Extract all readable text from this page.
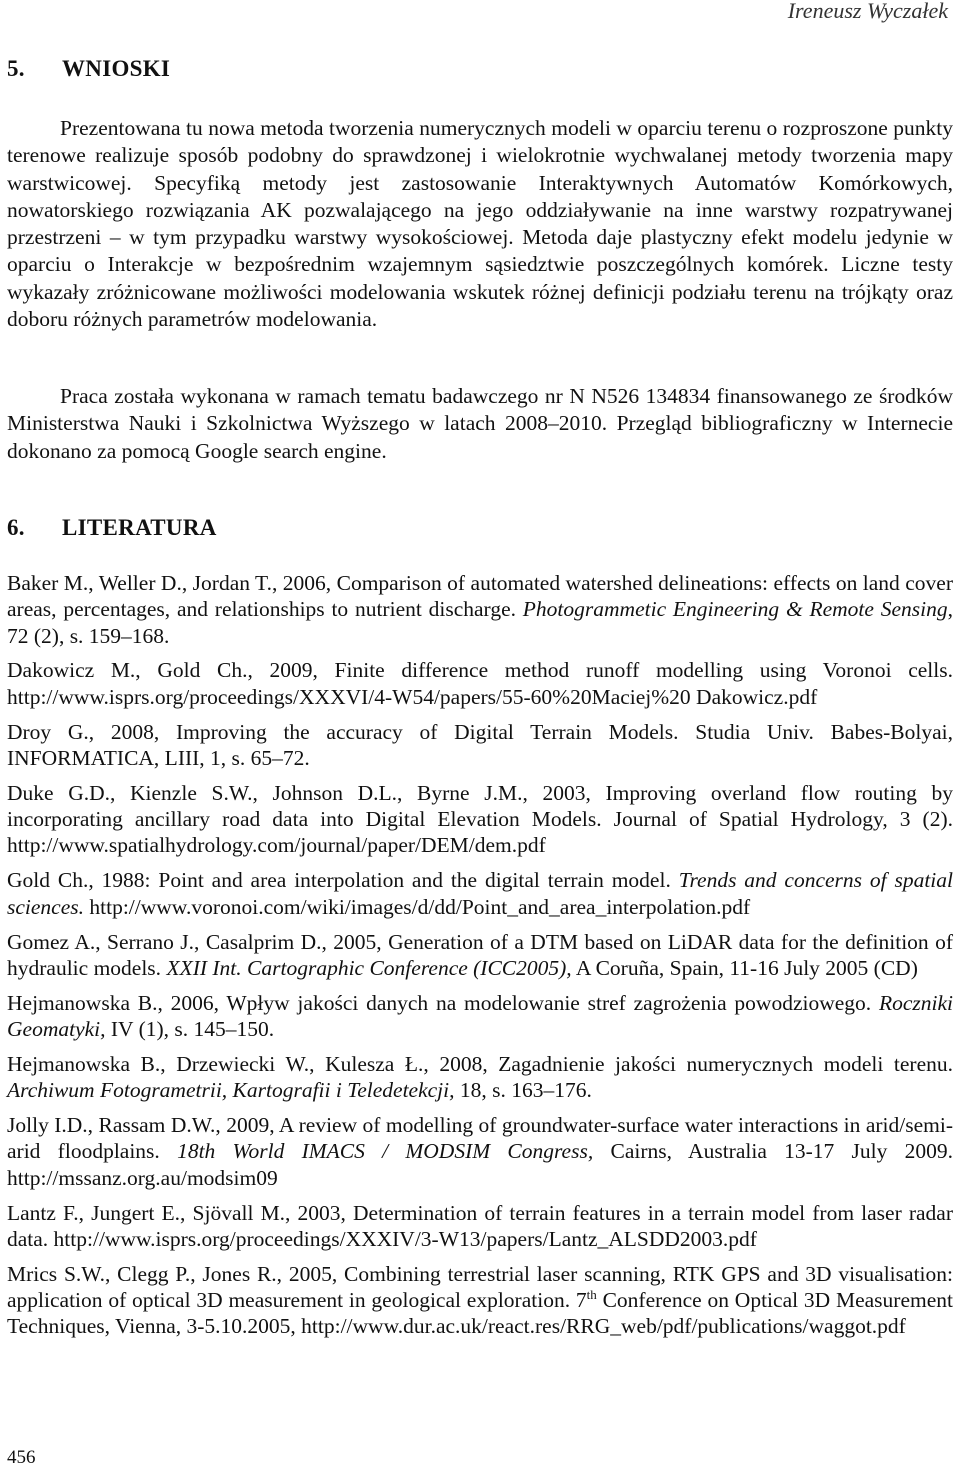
Ireneusz Wyczałek
5. WNIOSKI

Prezentowana tu nowa metoda tworzenia numerycznych modeli w oparciu terenu o rozproszone punkty terenowe realizuje sposób podobny do sprawdzonej i wielokrotnie wychwalanej metody tworzenia mapy warstwicowej. Specyfiką metody jest zastosowanie Interaktywnych Automatów Komórkowych, nowatorskiego rozwiązania AK pozwalającego na jego oddziaływanie na inne warstwy rozpatrywanej przestrzeni – w tym przypadku warstwy wysokościowej. Metoda daje plastyczny efekt modelu jedynie w oparciu o Interakcje w bezpośrednim wzajemnym sąsiedztwie poszczególnych komórek. Liczne testy wykazały zróżnicowane możliwości modelowania wskutek różnej definicji podziału terenu na trójkąty oraz doboru różnych parametrów modelowania.

Praca została wykonana w ramach tematu badawczego nr N N526 134834 finansowanego ze środków Ministerstwa Nauki i Szkolnictwa Wyższego w latach 2008–2010. Przegląd bibliograficzny w Internecie dokonano za pomocą Google search engine.

6. LITERATURA

Baker M., Weller D., Jordan T., 2006, Comparison of automated watershed delineations: effects on land cover areas, percentages, and relationships to nutrient discharge. Photogrammetic Engineering & Remote Sensing, 72 (2), s. 159–168.

Dakowicz M., Gold Ch., 2009, Finite difference method runoff modelling using Voronoi cells. http://www.isprs.org/proceedings/XXXVI/4-W54/papers/55-60%20Maciej%20 Dakowicz.pdf

Droy G., 2008, Improving the accuracy of Digital Terrain Models. Studia Univ. Babes-Bolyai, INFORMATICA, LIII, 1, s. 65–72.

Duke G.D., Kienzle S.W., Johnson D.L., Byrne J.M., 2003, Improving overland flow routing by incorporating ancillary road data into Digital Elevation Models. Journal of Spatial Hydrology, 3 (2). http://www.spatialhydrology.com/journal/paper/DEM/dem.pdf

Gold Ch., 1988: Point and area interpolation and the digital terrain model. Trends and concerns of spatial sciences. http://www.voronoi.com/wiki/images/d/dd/Point_and_area_interpolation.pdf

Gomez A., Serrano J., Casalprim D., 2005, Generation of a DTM based on LiDAR data for the definition of hydraulic models. XXII Int. Cartographic Conference (ICC2005), A Coruña, Spain, 11-16 July 2005 (CD)

Hejmanowska B., 2006, Wpływ jakości danych na modelowanie stref zagrożenia powodziowego. Roczniki Geomatyki, IV (1), s. 145–150.

Hejmanowska B., Drzewiecki W., Kulesza Ł., 2008, Zagadnienie jakości numerycznych modeli terenu. Archiwum Fotogrametrii, Kartografii i Teledetekcji, 18, s. 163–176.

Jolly I.D., Rassam D.W., 2009, A review of modelling of groundwater-surface water interactions in arid/semi-arid floodplains. 18th World IMACS / MODSIM Congress, Cairns, Australia 13-17 July 2009. http://mssanz.org.au/modsim09

Lantz F., Jungert E., Sjövall M., 2003, Determination of terrain features in a terrain model from laser radar data. http://www.isprs.org/proceedings/XXXIV/3-W13/papers/Lantz_ALSDD2003.pdf

Mrics S.W., Clegg P., Jones R., 2005, Combining terrestrial laser scanning, RTK GPS and 3D visualisation: application of optical 3D measurement in geological exploration. 7th Conference on Optical 3D Measurement Techniques, Vienna, 3-5.10.2005, http://www.dur.ac.uk/react.res/RRG_web/pdf/publications/waggot.pdf

456
